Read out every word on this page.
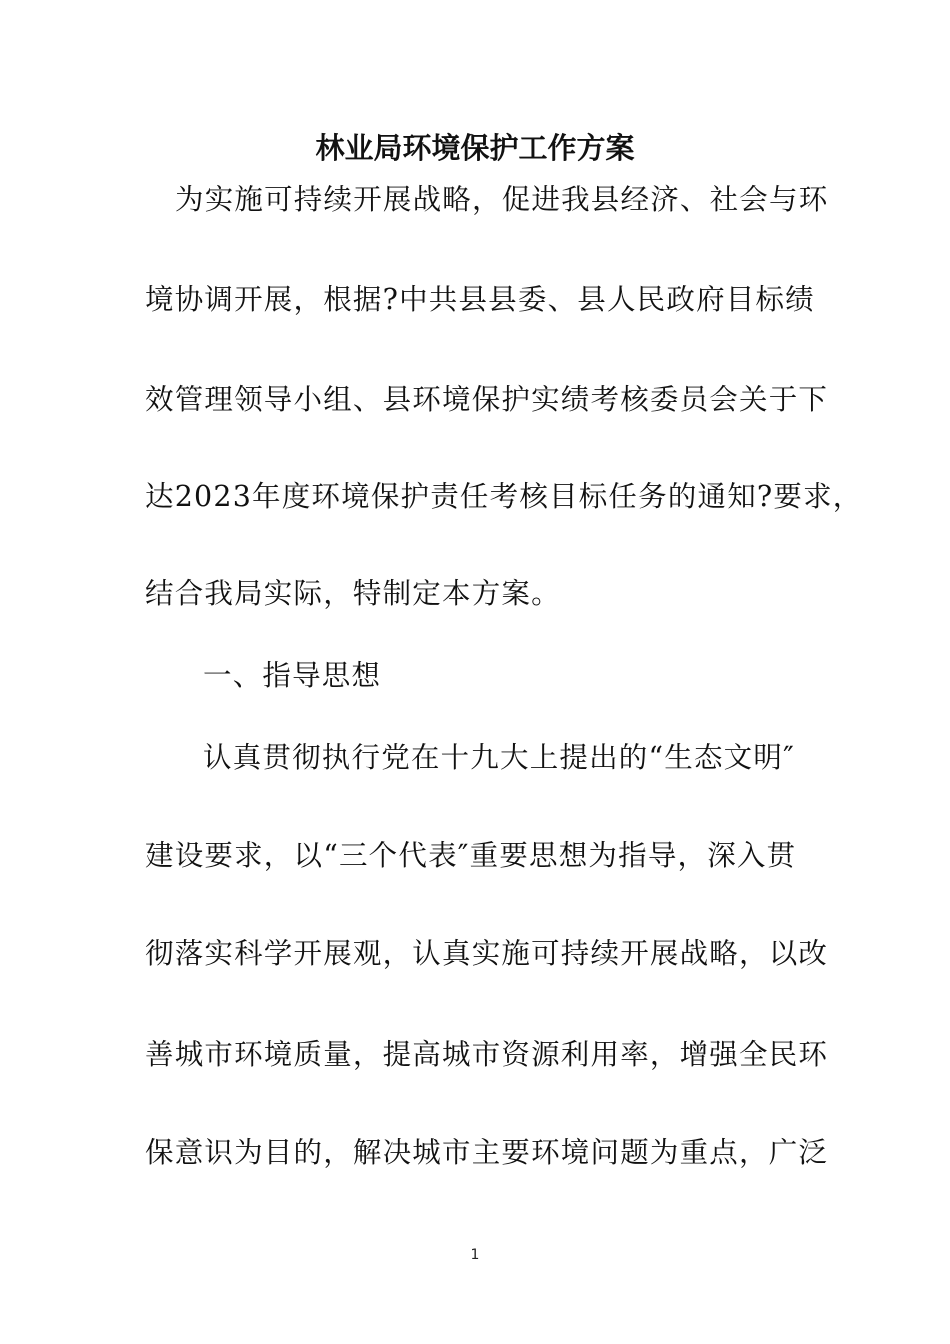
林业局环境保护工作方案

为实施可持续开展战略，促进我县经济、社会与环

境协调开展，根据?中共县县委、县人民政府目标绩

效管理领导小组、县环境保护实绩考核委员会关于下

达2023年度环境保护责任考核目标任务的通知?要求，

结合我局实际，特制定本方案。

一、指导思想

认真贯彻执行党在十九大上提出的“生态文明″

建设要求，以“三个代表″重要思想为指导，深入贯

彻落实科学开展观，认真实施可持续开展战略，以改

善城市环境质量，提高城市资源利用率，增强全民环

保意识为目的，解决城市主要环境问题为重点，广泛

1
